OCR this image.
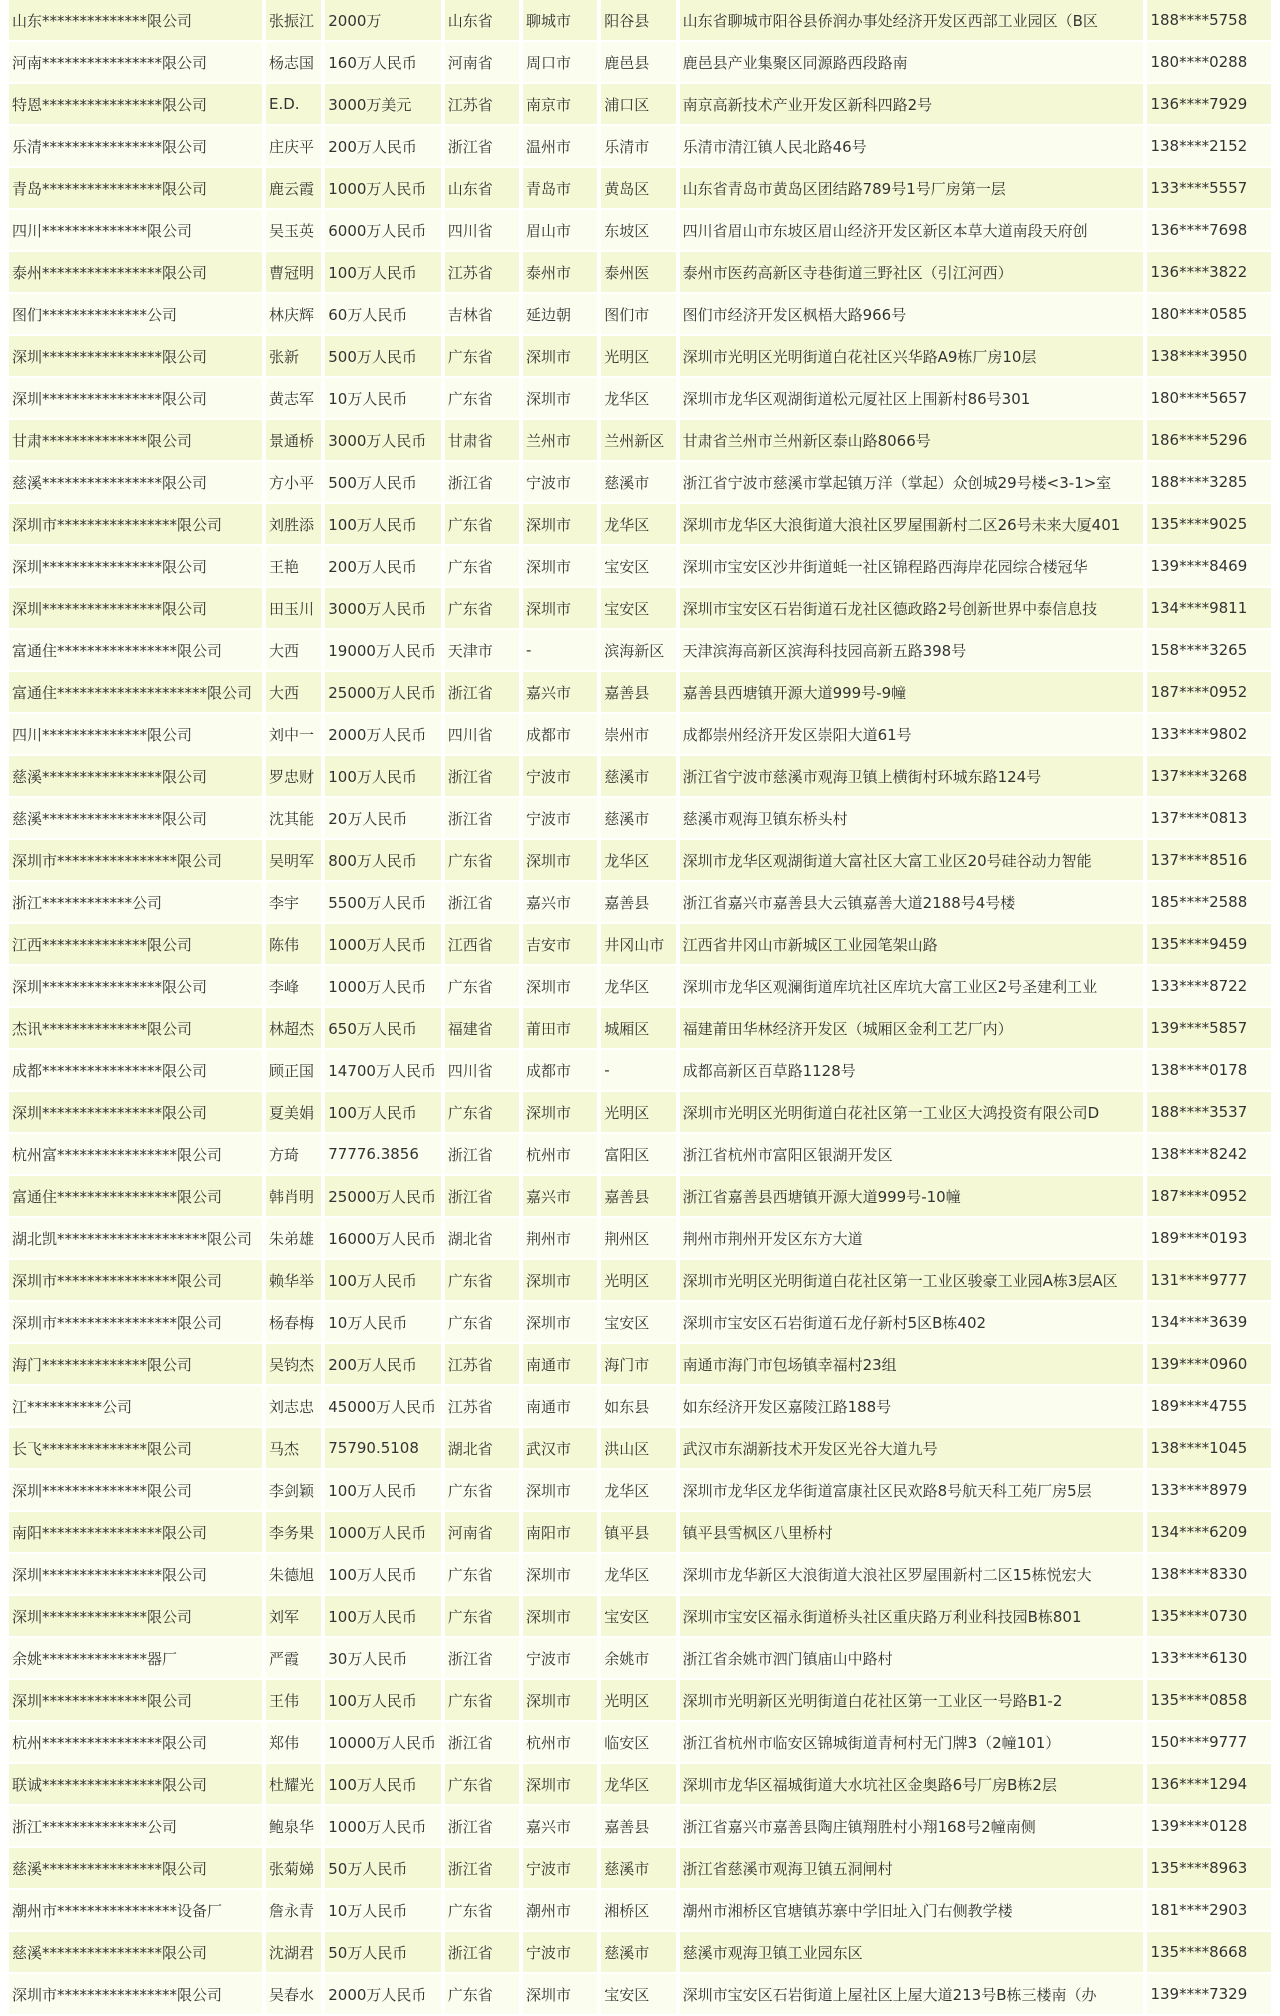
山东**************限公司	张振江	2000万	山东省	聊城市	阳谷县	山东省聊城市阳谷县侨润办事处经济开发区西部工业园区（B区	188****5758
河南****************限公司	杨志国	160万人民币	河南省	周口市	鹿邑县	鹿邑县产业集聚区同源路西段路南	180****0288
特恩****************限公司	E.D.	3000万美元	江苏省	南京市	浦口区	南京高新技术产业开发区新科四路2号	136****7929
乐清****************限公司	庄庆平	200万人民币	浙江省	温州市	乐清市	乐清市清江镇人民北路46号	138****2152
青岛****************限公司	鹿云霞	1000万人民币	山东省	青岛市	黄岛区	山东省青岛市黄岛区团结路789号1号厂房第一层	133****5557
四川**************限公司	吴玉英	6000万人民币	四川省	眉山市	东坡区	四川省眉山市东坡区眉山经济开发区新区本草大道南段天府创	136****7698
泰州****************限公司	曹冠明	100万人民币	江苏省	泰州市	泰州医	泰州市医药高新区寺巷街道三野社区（引江河西）	136****3822
图们**************公司	林庆辉	60万人民币	吉林省	延边朝	图们市	图们市经济开发区枫梧大路966号	180****0585
深圳****************限公司	张新	500万人民币	广东省	深圳市	光明区	深圳市光明区光明街道白花社区兴华路A9栋厂房10层	138****3950
深圳****************限公司	黄志军	10万人民币	广东省	深圳市	龙华区	深圳市龙华区观湖街道松元厦社区上围新村86号301	180****5657
甘肃**************限公司	景通桥	3000万人民币	甘肃省	兰州市	兰州新区	甘肃省兰州市兰州新区泰山路8066号	186****5296
慈溪****************限公司	方小平	500万人民币	浙江省	宁波市	慈溪市	浙江省宁波市慈溪市掌起镇万洋（掌起）众创城29号楼<3-1>室	188****3285
深圳市****************限公司	刘胜添	100万人民币	广东省	深圳市	龙华区	深圳市龙华区大浪街道大浪社区罗屋围新村二区26号未来大厦401	135****9025
深圳****************限公司	王艳	200万人民币	广东省	深圳市	宝安区	深圳市宝安区沙井街道蚝一社区锦程路西海岸花园综合楼冠华	139****8469
深圳****************限公司	田玉川	3000万人民币	广东省	深圳市	宝安区	深圳市宝安区石岩街道石龙社区德政路2号创新世界中泰信息技	134****9811
富通住****************限公司	大西	19000万人民币	天津市	-	滨海新区	天津滨海高新区滨海科技园高新五路398号	158****3265
富通住********************限公司	大西	25000万人民币	浙江省	嘉兴市	嘉善县	嘉善县西塘镇开源大道999号-9幢	187****0952
四川**************限公司	刘中一	2000万人民币	四川省	成都市	崇州市	成都崇州经济开发区崇阳大道61号	133****9802
慈溪****************限公司	罗忠财	100万人民币	浙江省	宁波市	慈溪市	浙江省宁波市慈溪市观海卫镇上横街村环城东路124号	137****3268
慈溪****************限公司	沈其能	20万人民币	浙江省	宁波市	慈溪市	慈溪市观海卫镇东桥头村	137****0813
深圳市****************限公司	吴明军	800万人民币	广东省	深圳市	龙华区	深圳市龙华区观湖街道大富社区大富工业区20号硅谷动力智能	137****8516
浙江************公司	李宇	5500万人民币	浙江省	嘉兴市	嘉善县	浙江省嘉兴市嘉善县大云镇嘉善大道2188号4号楼	185****2588
江西**************限公司	陈伟	1000万人民币	江西省	吉安市	井冈山市	江西省井冈山市新城区工业园笔架山路	135****9459
深圳****************限公司	李峰	1000万人民币	广东省	深圳市	龙华区	深圳市龙华区观澜街道库坑社区库坑大富工业区2号圣建利工业	133****8722
杰讯**************限公司	林超杰	650万人民币	福建省	莆田市	城厢区	福建莆田华林经济开发区（城厢区金利工艺厂内）	139****5857
成都****************限公司	顾正国	14700万人民币	四川省	成都市	-	成都高新区百草路1128号	138****0178
深圳****************限公司	夏美娟	100万人民币	广东省	深圳市	光明区	深圳市光明区光明街道白花社区第一工业区大鸿投资有限公司D	188****3537
杭州富****************限公司	方琦	77776.3856	浙江省	杭州市	富阳区	浙江省杭州市富阳区银湖开发区	138****8242
富通住****************限公司	韩肖明	25000万人民币	浙江省	嘉兴市	嘉善县	浙江省嘉善县西塘镇开源大道999号-10幢	187****0952
湖北凯********************限公司	朱弟雄	16000万人民币	湖北省	荆州市	荆州区	荆州市荆州开发区东方大道	189****0193
深圳市****************限公司	赖华举	100万人民币	广东省	深圳市	光明区	深圳市光明区光明街道白花社区第一工业区骏豪工业园A栋3层A区	131****9777
深圳市****************限公司	杨春梅	10万人民币	广东省	深圳市	宝安区	深圳市宝安区石岩街道石龙仔新村5区B栋402	134****3639
海门**************限公司	吴钧杰	200万人民币	江苏省	南通市	海门市	南通市海门市包场镇幸福村23组	139****0960
江**********公司	刘志忠	45000万人民币	江苏省	南通市	如东县	如东经济开发区嘉陵江路188号	189****4755
长飞**************限公司	马杰	75790.5108	湖北省	武汉市	洪山区	武汉市东湖新技术开发区光谷大道九号	138****1045
深圳**************限公司	李剑颖	100万人民币	广东省	深圳市	龙华区	深圳市龙华区龙华街道富康社区民欢路8号航天科工苑厂房5层	133****8979
南阳****************限公司	李务果	1000万人民币	河南省	南阳市	镇平县	镇平县雪枫区八里桥村	134****6209
深圳****************限公司	朱德旭	100万人民币	广东省	深圳市	龙华区	深圳市龙华新区大浪街道大浪社区罗屋围新村二区15栋悦宏大	138****8330
深圳**************限公司	刘军	100万人民币	广东省	深圳市	宝安区	深圳市宝安区福永街道桥头社区重庆路万利业科技园B栋801	135****0730
余姚**************器厂	严霞	30万人民币	浙江省	宁波市	余姚市	浙江省余姚市泗门镇庙山中路村	133****6130
深圳**************限公司	王伟	100万人民币	广东省	深圳市	光明区	深圳市光明新区光明街道白花社区第一工业区一号路B1-2	135****0858
杭州****************限公司	郑伟	10000万人民币	浙江省	杭州市	临安区	浙江省杭州市临安区锦城街道青柯村无门牌3（2幢101）	150****9777
联诚****************限公司	杜耀光	100万人民币	广东省	深圳市	龙华区	深圳市龙华区福城街道大水坑社区金奥路6号厂房B栋2层	136****1294
浙江**************公司	鲍泉华	1000万人民币	浙江省	嘉兴市	嘉善县	浙江省嘉兴市嘉善县陶庄镇翔胜村小翔168号2幢南侧	139****0128
慈溪****************限公司	张菊娣	50万人民币	浙江省	宁波市	慈溪市	浙江省慈溪市观海卫镇五洞闸村	135****8963
潮州市****************设备厂	詹永青	10万人民币	广东省	潮州市	湘桥区	潮州市湘桥区官塘镇苏寨中学旧址入门右侧教学楼	181****2903
慈溪****************限公司	沈湖君	50万人民币	浙江省	宁波市	慈溪市	慈溪市观海卫镇工业园东区	135****8668
深圳市****************限公司	吴春水	2000万人民币	广东省	深圳市	宝安区	深圳市宝安区石岩街道上屋社区上屋大道213号B栋三楼南（办	139****7329
